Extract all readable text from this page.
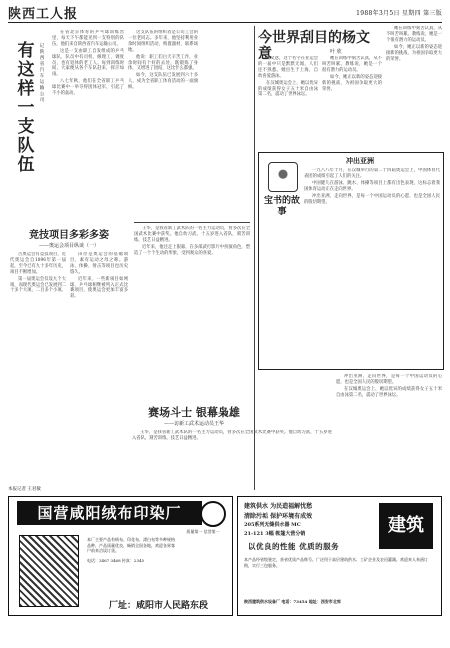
陕西工人报	1988年3月5日 星期四 第三版
有这样一支队伍
记陕西省汽车运输公司

在省北京体育的乒乓球训练营里，每天下午都能见到一支特别的队伍，他们来自陕西省汽车运输公司。

这是一支由职工自发组成的乒乓球队，队员中有司机、修理工、调度员，也有退休的老工人。每到训练时间，大家便从各个车队赶来，挥汗如雨。

八七年秋，他们在全省职工乒乓球比赛中一举夺得团体冠军，引起了不小的轰动。

这支队伍的组织者是公司工会的一位老同志。多年来，他坚持利用业余时间组织活动，购置器材，联系场地。

他说：职工们白天辛苦工作，业余时间有个好的去处，既锻炼了身体，又增进了团结，这比什么都强。

如今，这支队伍已发展到六十多人，成为全省职工体育活动的一面旗帜。

本报记者 王君敏
竞技项目多彩多姿
——奥运会项目纵谈（一）

古奥运会有竞技项目，近代奥运会自1896年第一届起，至今已有九十多年历史，项目不断增加。

第一届奥运会仅设九个大项，而现代奥运会已发展到二十多个大项，二百多个小项。

田径是奥运会的基础项目，素有运动之母之称。游泳、体操、射击等项目也历史悠久。

近年来，一些新项目如网球、乒乓球相继被列入正式比赛项目，使奥运会更加丰富多彩。

王华，是我省新工武术队的一名主力运动员，曾多次在全国武术比赛中获奖。他自幼习武，十五岁进入省队，刻苦训练，技艺日益精进。

近年来，他还走上银幕，在多部武打影片中扮演角色，塑造了一个个生动的形象，受到观众的喜爱。

赛场斗士 银幕枭雄
——访新工武术运动员王华

王华，是我省新工武术队的一名主力运动员，曾多次在全国武术比赛中获奖。他自幼习武，十五岁进入省队，刻苦训练，技艺日益精进。

今世界刮目的杨文意	叶 欣

杨文意，这个名字在亚运会的一届中只是默默无闻，人们还不熟悉。她出生于上海，自幼喜爱游泳。

在汉城奥运会上，她以优异的成绩获得女子五十米自由泳第二名，震动了世界泳坛。

她在训练中刻苦认真，从不叫苦叫累。教练说，她是一个很有潜力的运动员。

如今，她正以新的姿态迎接新的挑战，为祖国争取更大的荣誉。

她在训练中刻苦认真，从不叫苦叫累。教练说，她是一个很有潜力的运动员。

如今，她正以新的姿态迎接新的挑战，为祖国争取更大的荣誉。

宝书的故事
冲出亚洲

一九八八年十月，在汉城举行的第二十四届奥运会上，中国体育代表团的成绩引起了人们的关注。

中国健儿在游泳、跳水、体操等项目上都有出色表现，这标志着我国体育运动正在走向世界。

冲出亚洲，走向世界，是每一个中国运动员的心愿，也是全国人民的殷切期望。

冲出亚洲，走向世界，是每一个中国运动员的心愿，也是全国人民的殷切期望。

在汉城奥运会上，她以优异的成绩获得女子五十米自由泳第二名，震动了世界泳坛。

国营咸阳绒布印染厂
质量第一 信誉第一
本厂主要产品有绒布、印花布、漂白布等多种规格品种，产品质量优良，畅销全国各地，欢迎各界客户前来洽谈订货。
电话：3467 3468 传真：2345
厂址：咸阳市人民路东段
建筑供水 为民造福解忧愁
清除污垢 保护环境有成效
205系列无缝供水器 MC
21-121 3幅 帐篷大营分销	建筑
以优良的性能 优质的服务
本产品经省级鉴定，获省优质产品称号。广泛用于高层建筑供水、工矿企业及农田灌溉。欢迎来人来函订购，实行三包服务。
陕西建筑供水设备厂 电话：73454 地址：西安市北郊
